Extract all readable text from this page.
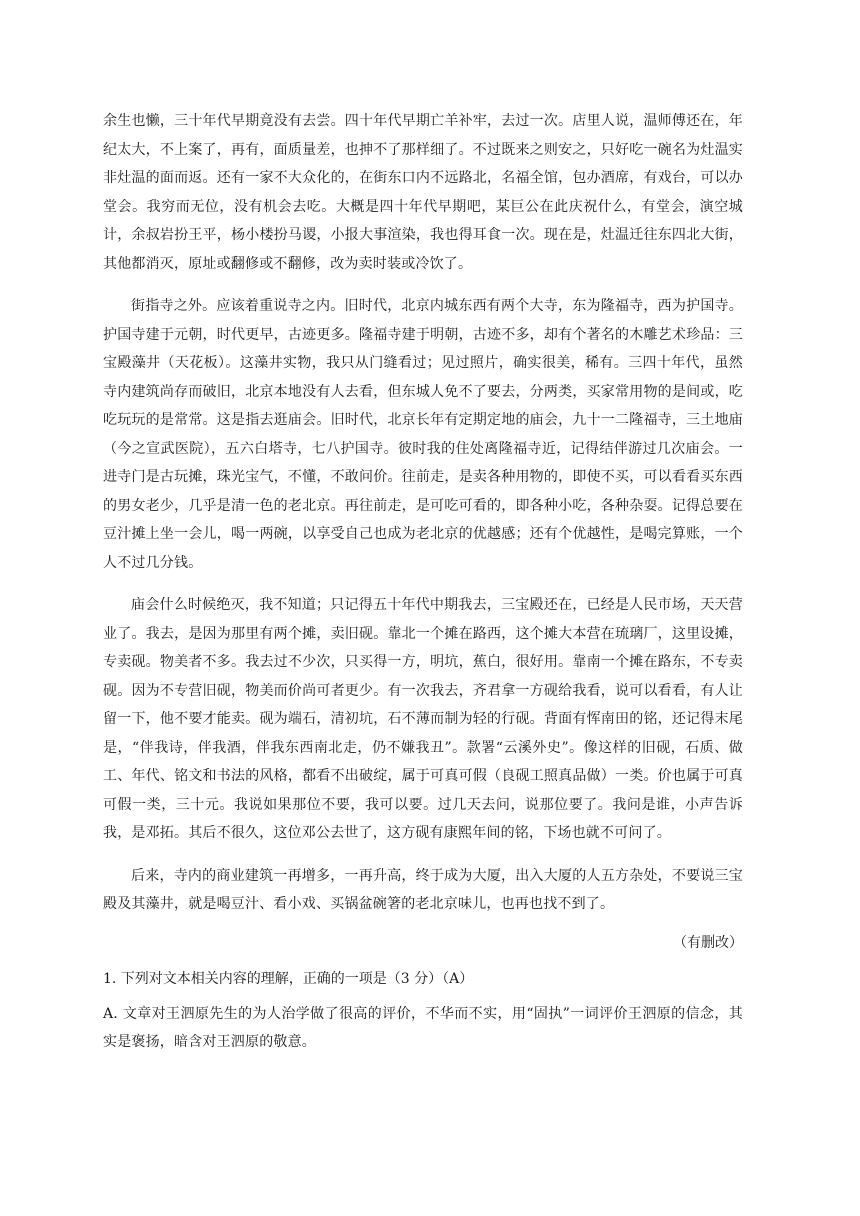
余生也懒，三十年代早期竟没有去尝。四十年代早期亡羊补牢，去过一次。店里人说，温师傅还在，年纪太大，不上案了，再有，面质量差，也抻不了那样细了。不过既来之则安之，只好吃一碗名为灶温实非灶温的面而返。还有一家不大众化的，在街东口内不远路北，名福全馆，包办酒席，有戏台，可以办堂会。我穷而无位，没有机会去吃。大概是四十年代早期吧，某巨公在此庆祝什么，有堂会，演空城计，余叔岩扮王平，杨小楼扮马谡，小报大事渲染，我也得耳食一次。现在是，灶温迁往东四北大街，其他都消灭，原址或翻修或不翻修，改为卖时装或冷饮了。

街指寺之外。应该着重说寺之内。旧时代，北京内城东西有两个大寺，东为隆福寺，西为护国寺。护国寺建于元朝，时代更早，古迹更多。隆福寺建于明朝，古迹不多，却有个著名的木雕艺术珍品：三宝殿藻井（天花板）。这藻井实物，我只从门缝看过；见过照片，确实很美，稀有。三四十年代，虽然寺内建筑尚存而破旧，北京本地没有人去看，但东城人免不了要去，分两类，买家常用物的是间或，吃吃玩玩的是常常。这是指去逛庙会。旧时代，北京长年有定期定地的庙会，九十一二隆福寺，三土地庙（今之宣武医院），五六白塔寺，七八护国寺。彼时我的住处离隆福寺近，记得结伴游过几次庙会。一进寺门是古玩摊，珠光宝气，不懂，不敢问价。往前走，是卖各种用物的，即使不买，可以看看买东西的男女老少，几乎是清一色的老北京。再往前走，是可吃可看的，即各种小吃，各种杂耍。记得总要在豆汁摊上坐一会儿，喝一两碗，以享受自己也成为老北京的优越感；还有个优越性，是喝完算账，一个人不过几分钱。

庙会什么时候绝灭，我不知道；只记得五十年代中期我去，三宝殿还在，已经是人民市场，天天营业了。我去，是因为那里有两个摊，卖旧砚。靠北一个摊在路西，这个摊大本营在琉璃厂，这里设摊，专卖砚。物美者不多。我去过不少次，只买得一方，明坑，蕉白，很好用。靠南一个摊在路东，不专卖砚。因为不专营旧砚，物美而价尚可者更少。有一次我去，齐君拿一方砚给我看，说可以看看，有人让留一下，他不要才能卖。砚为端石，清初坑，石不薄而制为轻的行砚。背面有恽南田的铭，还记得末尾是，“伴我诗，伴我酒，伴我东西南北走，仍不嫌我丑”。款署“云溪外史”。像这样的旧砚，石质、做工、年代、铭文和书法的风格，都看不出破绽，属于可真可假（良砚工照真品做）一类。价也属于可真可假一类，三十元。我说如果那位不要，我可以要。过几天去问，说那位要了。我问是谁，小声告诉我，是邓拓。其后不很久，这位邓公去世了，这方砚有康熙年间的铭，下场也就不可问了。

后来，寺内的商业建筑一再增多，一再升高，终于成为大厦，出入大厦的人五方杂处，不要说三宝殿及其藻井，就是喝豆汁、看小戏、买锅盆碗箸的老北京味儿，也再也找不到了。

（有删改）

1. 下列对文本相关内容的理解，正确的一项是（3 分）（A）

A. 文章对王泗原先生的为人治学做了很高的评价，不华而不实，用“固执”一词评价王泗原的信念，其实是褒扬，暗含对王泗原的敬意。
